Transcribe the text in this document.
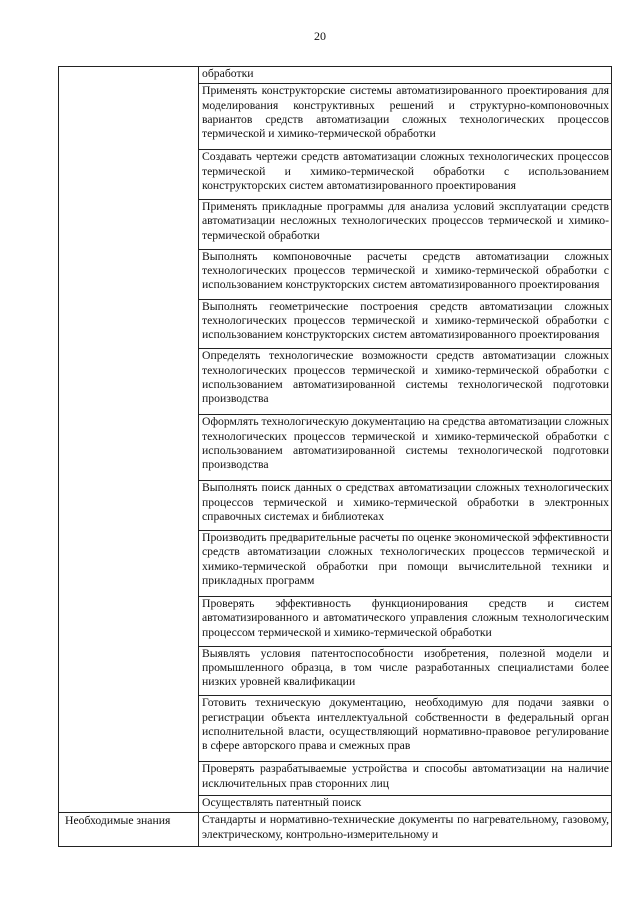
20
	обработки
	Применять конструкторские системы автоматизированного проектирования для моделирования конструктивных решений и структурно-компоновочных вариантов средств автоматизации сложных технологических процессов термической и химико-термической обработки
	Создавать чертежи средств автоматизации сложных технологических процессов термической и химико-термической обработки с использованием конструкторских систем автоматизированного проектирования
	Применять прикладные программы для анализа условий эксплуатации средств автоматизации несложных технологических процессов термической и химико-термической обработки
	Выполнять компоновочные расчеты средств автоматизации сложных технологических процессов термической и химико-термической обработки с использованием конструкторских систем автоматизированного проектирования
	Выполнять геометрические построения средств автоматизации сложных технологических процессов термической и химико-термической обработки с использованием конструкторских систем автоматизированного проектирования
	Определять технологические возможности средств автоматизации сложных технологических процессов термической и химико-термической обработки с использованием автоматизированной системы технологической подготовки производства
	Оформлять технологическую документацию на средства автоматизации сложных технологических процессов термической и химико-термической обработки с использованием автоматизированной системы технологической подготовки производства
	Выполнять поиск данных о средствах автоматизации сложных технологических процессов термической и химико-термической обработки в электронных справочных системах и библиотеках
	Производить предварительные расчеты по оценке экономической эффективности средств автоматизации сложных технологических процессов термической и химико-термической обработки при помощи вычислительной техники и прикладных программ
	Проверять эффективность функционирования средств и систем автоматизированного и автоматического управления сложным технологическим процессом термической и химико-термической обработки
	Выявлять условия патентоспособности изобретения, полезной модели и промышленного образца, в том числе разработанных специалистами более низких уровней квалификации
	Готовить техническую документацию, необходимую для подачи заявки о регистрации объекта интеллектуальной собственности в федеральный орган исполнительной власти, осуществляющий нормативно-правовое регулирование в сфере авторского права и смежных прав
	Проверять разрабатываемые устройства и способы автоматизации на наличие исключительных прав сторонних лиц
	Осуществлять патентный поиск
Необходимые знания	Стандарты и нормативно-технические документы по нагревательному, газовому, электрическому, контрольно-измерительному и
